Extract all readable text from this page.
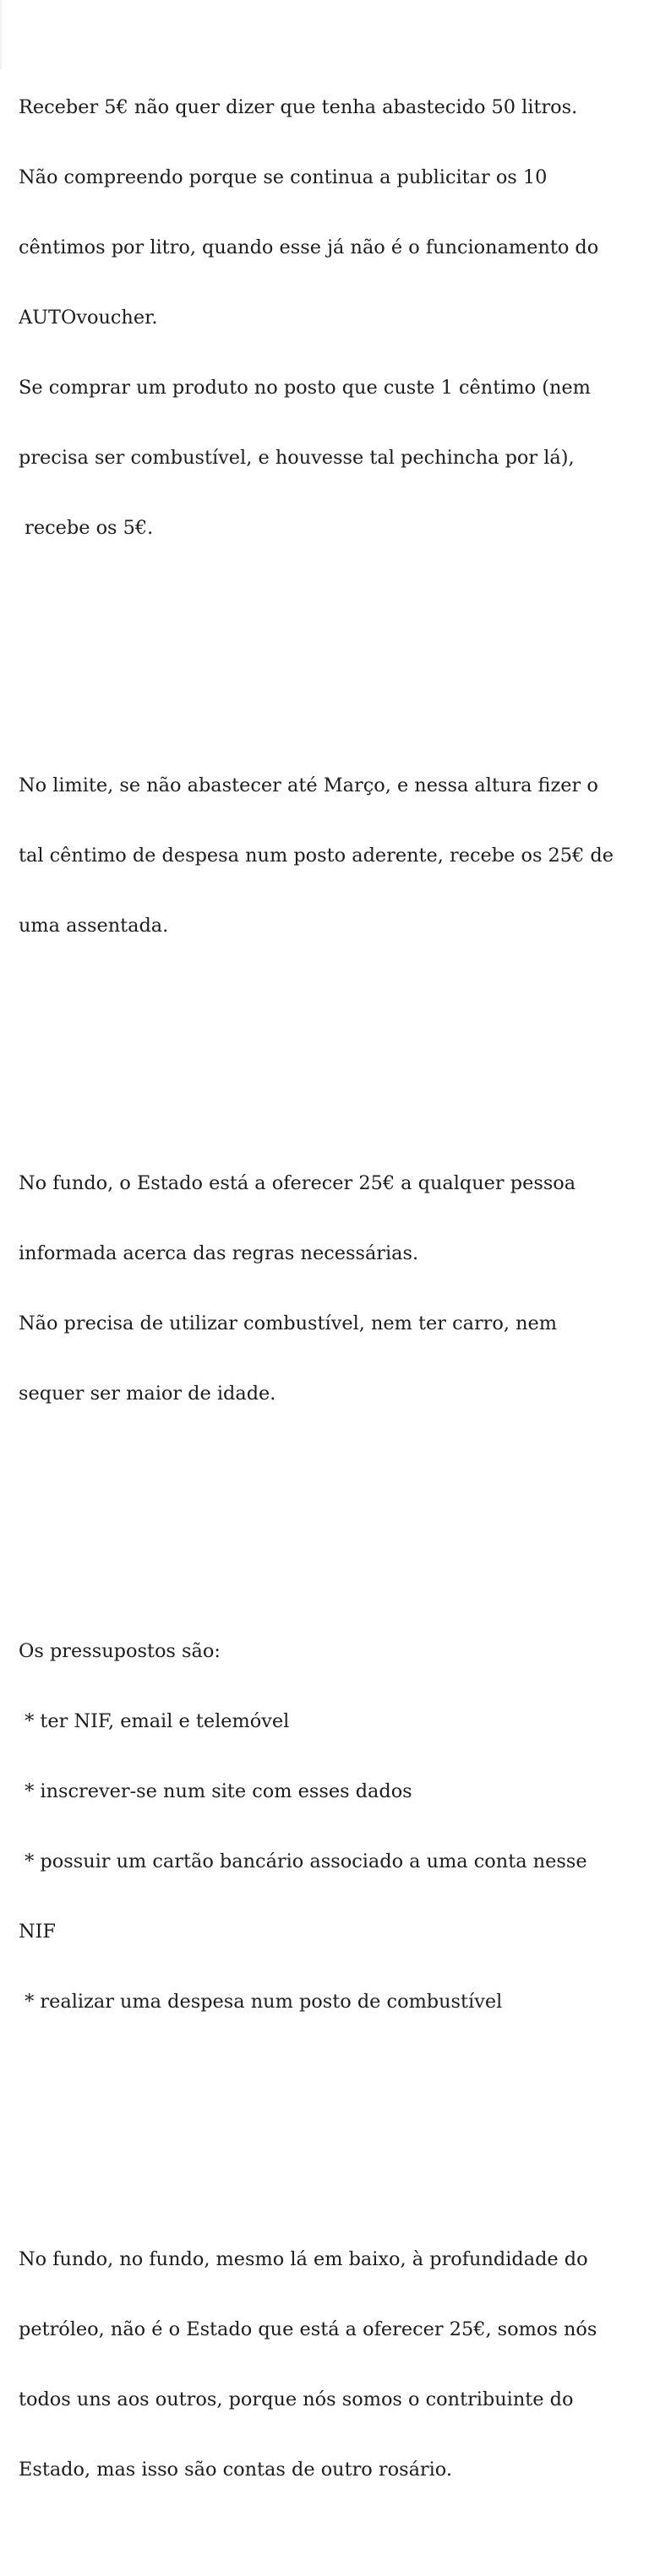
Receber 5€ não quer dizer que tenha abastecido 50 litros.

Não compreendo porque se continua a publicitar os 10

cêntimos por litro, quando esse já não é o funcionamento do

AUTOvoucher.

Se comprar um produto no posto que custe 1 cêntimo (nem

precisa ser combustível, e houvesse tal pechincha por lá),

recebe os 5€.

No limite, se não abastecer até Março, e nessa altura fizer o

tal cêntimo de despesa num posto aderente, recebe os 25€ de

uma assentada.

No fundo, o Estado está a oferecer 25€ a qualquer pessoa

informada acerca das regras necessárias.

Não precisa de utilizar combustível, nem ter carro, nem

sequer ser maior de idade.

Os pressupostos são:

* ter NIF, email e telemóvel

* inscrever-se num site com esses dados

* possuir um cartão bancário associado a uma conta nesse

NIF

* realizar uma despesa num posto de combustível

No fundo, no fundo, mesmo lá em baixo, à profundidade do

petróleo, não é o Estado que está a oferecer 25€, somos nós

todos uns aos outros, porque nós somos o contribuinte do

Estado, mas isso são contas de outro rosário.
